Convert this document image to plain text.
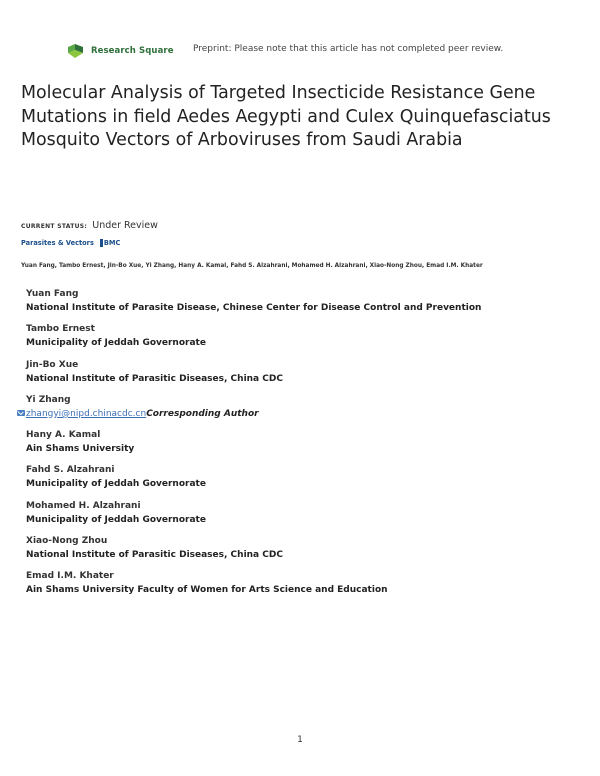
Research Square Preprint: Please note that this article has not completed peer review.
Molecular Analysis of Targeted Insecticide Resistance Gene Mutations in field Aedes Aegypti and Culex Quinquefasciatus Mosquito Vectors of Arboviruses from Saudi Arabia
CURRENT STATUS: Under Review
Parasites & Vectors BMC
Yuan Fang, Tambo Ernest, Jin-Bo Xue, Yi Zhang, Hany A. Kamal, Fahd S. Alzahrani, Mohamed H. Alzahrani, Xiao-Nong Zhou, Emad I.M. Khater
Yuan Fang
National Institute of Parasite Disease, Chinese Center for Disease Control and Prevention
Tambo Ernest
Municipality of Jeddah Governorate
Jin-Bo Xue
National Institute of Parasitic Diseases, China CDC
Yi Zhang
zhangyi@nipd.chinacdc.cn Corresponding Author
Hany A. Kamal
Ain Shams University
Fahd S. Alzahrani
Municipality of Jeddah Governorate
Mohamed H. Alzahrani
Municipality of Jeddah Governorate
Xiao-Nong Zhou
National Institute of Parasitic Diseases, China CDC
Emad I.M. Khater
Ain Shams University Faculty of Women for Arts Science and Education
1
